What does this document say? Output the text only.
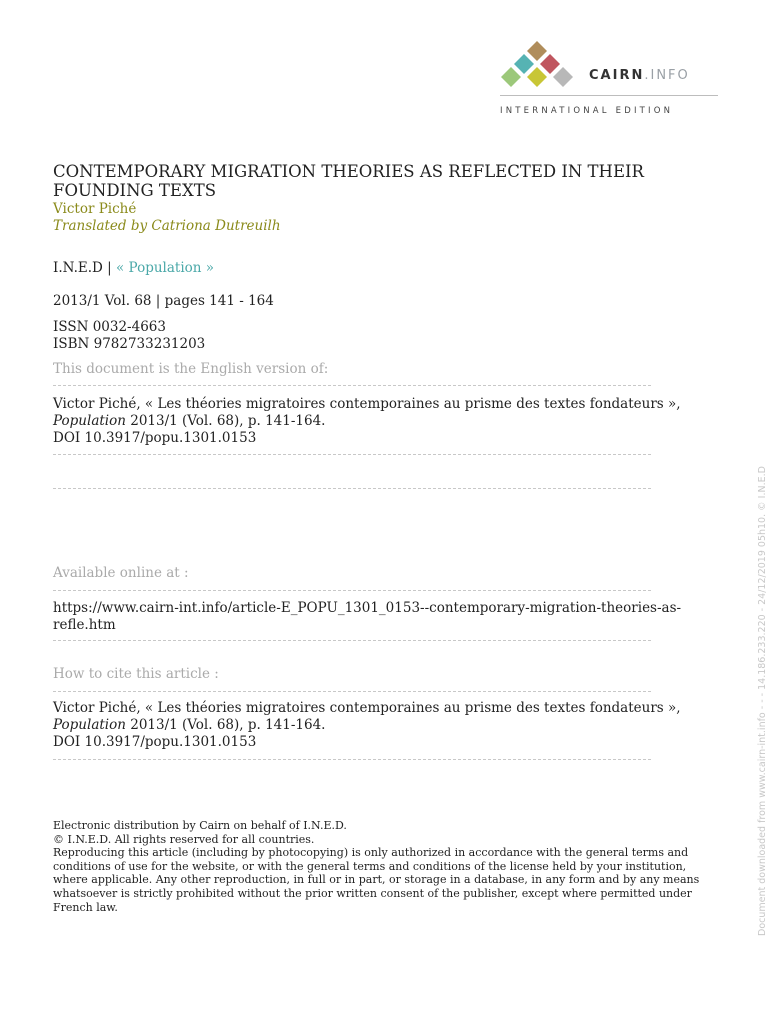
CAIRN.INFO
INTERNATIONAL EDITION
CONTEMPORARY MIGRATION THEORIES AS REFLECTED IN THEIR FOUNDING TEXTS
Victor Piché
Translated by Catriona Dutreuilh
I.N.E.D | « Population »
2013/1 Vol. 68 | pages 141 - 164
ISSN 0032-4663
ISBN 9782733231203
This document is the English version of:
Victor Piché, « Les théories migratoires contemporaines au prisme des textes fondateurs », Population 2013/1 (Vol. 68), p. 141-164.
DOI 10.3917/popu.1301.0153
Available online at :
https://www.cairn-int.info/article-E_POPU_1301_0153--contemporary-migration-theories-as-refle.htm
How to cite this article :
Victor Piché, « Les théories migratoires contemporaines au prisme des textes fondateurs », Population 2013/1 (Vol. 68), p. 141-164.
DOI 10.3917/popu.1301.0153
Electronic distribution by Cairn on behalf of I.N.E.D.
© I.N.E.D. All rights reserved for all countries.
Reproducing this article (including by photocopying) is only authorized in accordance with the general terms and conditions of use for the website, or with the general terms and conditions of the license held by your institution, where applicable. Any other reproduction, in full or in part, or storage in a database, in any form and by any means whatsoever is strictly prohibited without the prior written consent of the publisher, except where permitted under French law.	Document downloaded from www.cairn-int.info - - - 14.186.233.220 - 24/12/2019 05h10. © I.N.E.D
